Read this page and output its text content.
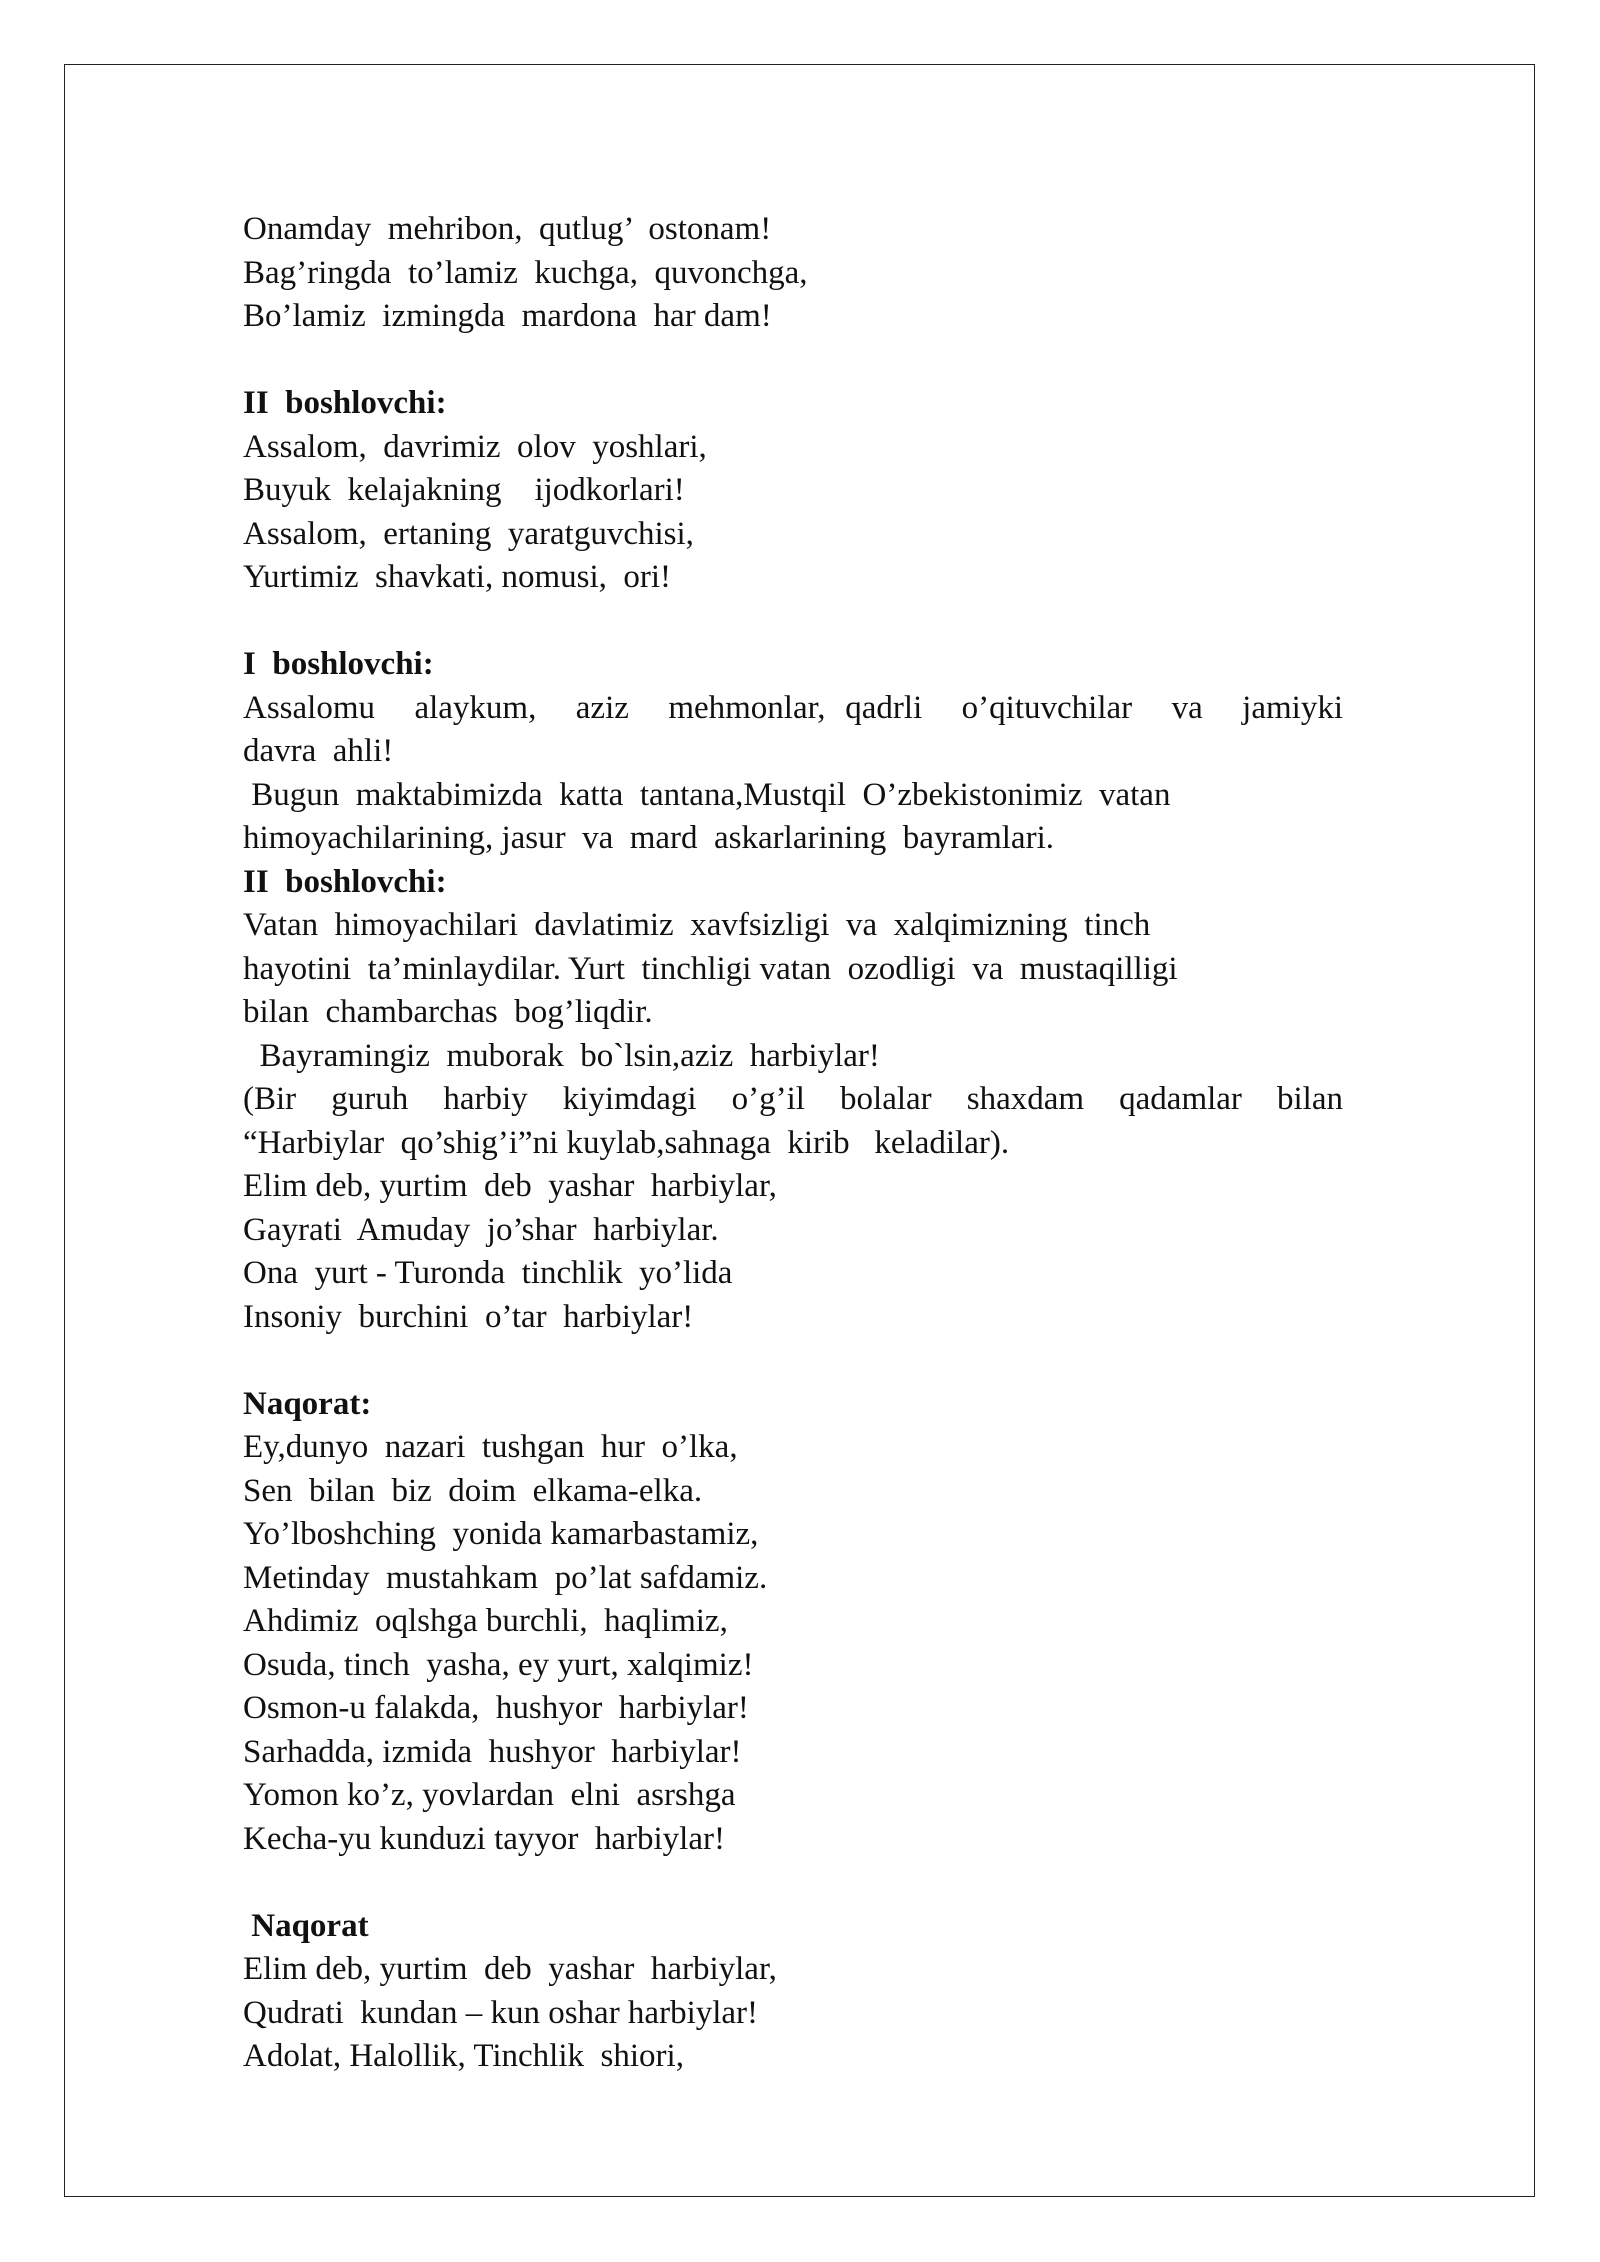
Onamday  mehribon,  qutlug’  ostonam!
Bag’ringda  to’lamiz  kuchga,  quvonchga,
Bo’lamiz  izmingda  mardona  har dam!
II  boshlovchi:
Assalom,  davrimiz  olov  yoshlari,
Buyuk  kelajakning    ijodkorlari!
Assalom,  ertaning  yaratguvchisi,
Yurtimiz  shavkati, nomusi,  ori!
I  boshlovchi:
Assalomu  alaykum,  aziz  mehmonlar, qadrli  o’qituvchilar  va  jamiyki
davra  ahli!
Bugun  maktabimizda  katta  tantana,Mustqil  O’zbekistonimiz  vatan
himoyachilarining, jasur  va  mard  askarlarining  bayramlari.
II  boshlovchi:
Vatan  himoyachilari  davlatimiz  xavfsizligi  va  xalqimizning  tinch
hayotini  ta’minlaydilar. Yurt  tinchligi vatan  ozodligi  va  mustaqilligi
bilan  chambarchas  bog’liqdir.
Bayramingiz  muborak  bo`lsin,aziz  harbiylar!
(Bir  guruh  harbiy  kiyimdagi  o’g’il  bolalar  shaxdam  qadamlar  bilan
“Harbiylar  qo’shig’i”ni kuylab,sahnaga  kirib   keladilar).
Elim deb, yurtim  deb  yashar  harbiylar,
Gayrati  Amuday  jo’shar  harbiylar.
Ona  yurt - Turonda  tinchlik  yo’lida
Insoniy  burchini  o’tar  harbiylar!
Naqorat:
Ey,dunyo  nazari  tushgan  hur  o’lka,
Sen  bilan  biz  doim  elkama-elka.
Yo’lboshching  yonida kamarbastamiz,
Metinday  mustahkam  po’lat safdamiz.
Ahdimiz  oqlshga burchli,  haqlimiz,
Osuda, tinch  yasha, ey yurt, xalqimiz!
Osmon-u falakda,  hushyor  harbiylar!
Sarhadda, izmida  hushyor  harbiylar!
Yomon ko’z, yovlardan  elni  asrshga
Kecha-yu kunduzi tayyor  harbiylar!
Naqorat
Elim deb, yurtim  deb  yashar  harbiylar,
Qudrati  kundan – kun oshar harbiylar!
Adolat, Halollik, Tinchlik  shiori,
